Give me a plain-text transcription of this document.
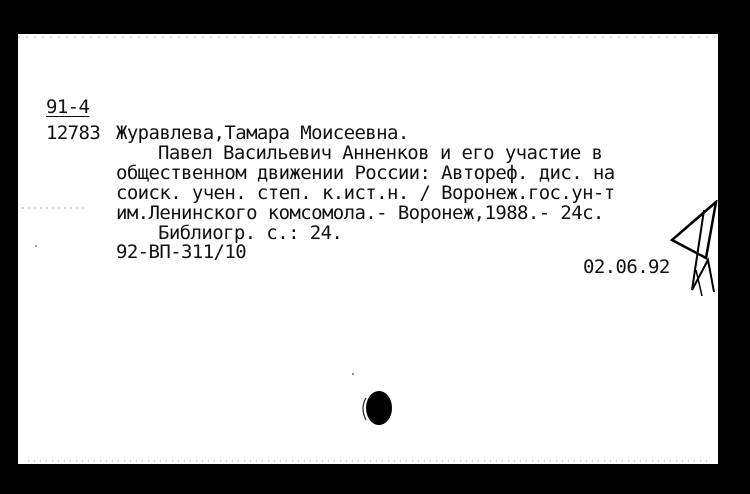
91-4
12783 Журавлева,Тамара Моисеевна.
Павел Васильевич Анненков и его участие в
общественном движении России: Автореф. дис. на
соиск. учен. степ. к.ист.н. / Воронеж.гос.ун-т
им.Ленинского комсомола.- Воронеж,1988.- 24с.
Библиогр. с.: 24.
92-ВП-311/10
02.06.92
